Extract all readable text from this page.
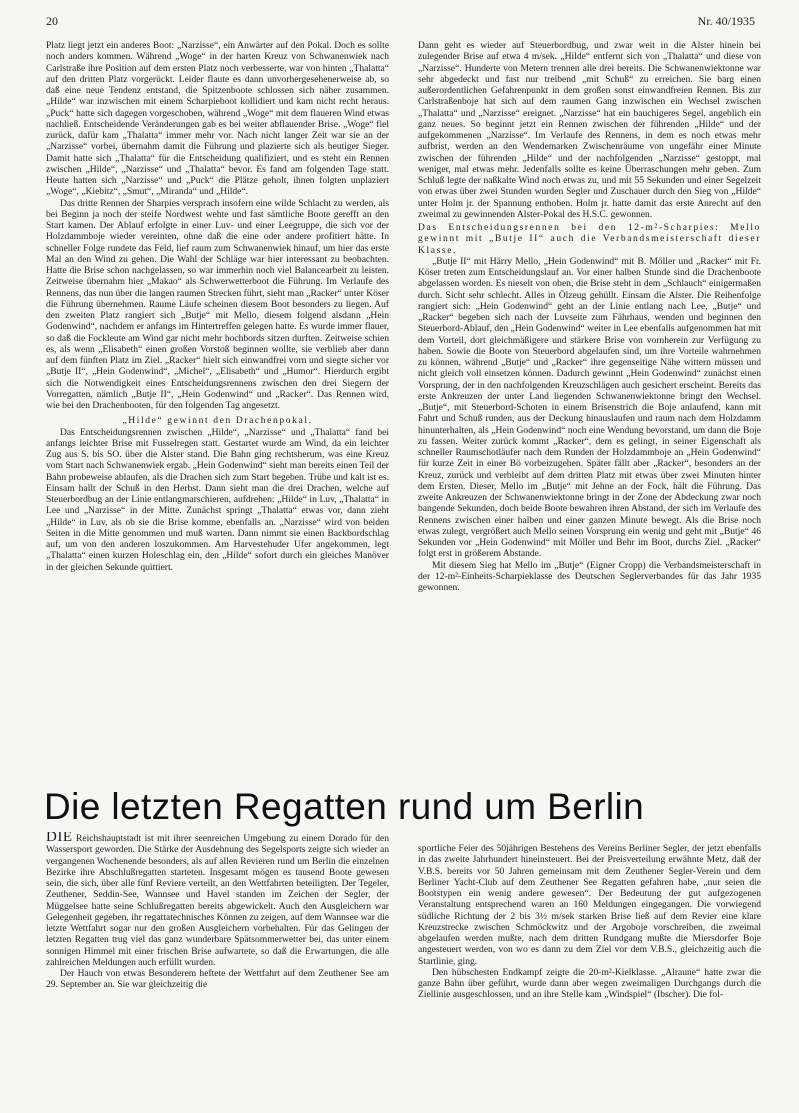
20	Nr. 40/1935

Platz liegt jetzt ein anderes Boot: „Narzisse“, ein Anwärter auf den Pokal. Doch es sollte noch anders kommen. Während „Woge“ in der harten Kreuz von Schwanenwiek nach Carlstraße ihre Position auf dem ersten Platz noch verbesserte, war von hinten „Thalatta“ auf den dritten Platz vorgerückt. Leider flaute es dann unvorhergesehenerweise ab, so daß eine neue Tendenz entstand, die Spitzenboote schlossen sich näher zusammen. „Hilde“ war inzwischen mit einem Scharpieboot kollidiert und kam nicht recht heraus. „Puck“ hatte sich dagegen vorgeschoben, während „Woge“ mit dem flaueren Wind etwas nachließ. Entscheidende Veränderungen gab es bei weiter abflauender Brise. „Woge“ fiel zurück, dafür kam „Thalatta“ immer mehr vor. Nach nicht langer Zeit war sie an der „Narzisse“ vorbei, übernahm damit die Führung und plazierte sich als heutiger Sieger. Damit hatte sich „Thalatta“ für die Entscheidung qualifiziert, und es steht ein Rennen zwischen „Hilde“, „Narzisse“ und „Thalatta“ bevor. Es fand am folgenden Tage statt. Heute hatten sich „Narzisse“ und „Puck“ die Plätze geholt, ihnen folgten unplaziert „Woge“, „Kiebitz“, „Smut“, „Miranda“ und „Hilde“.

Das dritte Rennen der Sharpies versprach insofern eine wilde Schlacht zu werden, als bei Beginn ja noch der steife Nordwest wehte und fast sämtliche Boote gerefft an den Start kamen. Der Ablauf erfolgte in einer Luv- und einer Leegruppe, die sich vor der Holzdammboje wieder vereinten, ohne daß die eine oder andere profitiert hätte. In schneller Folge rundete das Feld, lief raum zum Schwanenwiek hinauf, um hier das erste Mal an den Wind zu gehen. Die Wahl der Schläge war hier interessant zu beobachten. Hatte die Brise schon nachgelassen, so war immerhin noch viel Balancearbeit zu leisten. Zeitweise übernahm hier „Makao“ als Schwerwetterboot die Führung. Im Verlaufe des Rennens, das nun über die langen raumen Strecken führt, sieht man „Racker“ unter Köser die Führung übernehmen. Raume Läufe scheinen diesem Boot besonders zu liegen. Auf den zweiten Platz rangiert sich „Butje“ mit Mello, diesem folgend alsdann „Hein Godenwind“, nachdem er anfangs im Hintertreffen gelegen hatte. Es wurde immer flauer, so daß die Fockleute am Wind gar nicht mehr hochbords sitzen durften. Zeitweise schien es, als wenn „Elisabeth“ einen großen Vorstoß beginnen wollte, sie verblieb aber dann auf dem fünften Platz im Ziel. „Racker“ hielt sich einwandfrei vorn und siegte sicher vor „Butje II“, „Hein Godenwind“, „Michel“, „Elisabeth“ und „Humor“. Hierdurch ergibt sich die Notwendigkeit eines Entscheidungsrennens zwischen den drei Siegern der Vorregatten, nämlich „Butje II“, „Hein Godenwind“ und „Racker“. Das Rennen wird, wie bei den Drachenbooten, für den folgenden Tag angesetzt.

„Hilde“ gewinnt den Drachenpokal.

Das Entscheidungsrennen zwischen „Hilde“, „Narzisse“ und „Thalatta“ fand bei anfangs leichter Brise mit Fusselregen statt. Gestartet wurde am Wind, da ein leichter Zug aus S. bis SO. über die Alster stand. Die Bahn ging rechtsherum, was eine Kreuz vom Start nach Schwanenwiek ergab. „Hein Godenwind“ sieht man bereits einen Teil der Bahn probeweise ablaufen, als die Drachen sich zum Start begeben. Trübe und kalt ist es. Einsam hallt der Schuß in den Herbst. Dann sieht man die drei Drachen, welche auf Steuerbordbug an der Linie entlangmarschieren, aufdrehen: „Hilde“ in Luv, „Thalatta“ in Lee und „Narzisse“ in der Mitte. Zunächst springt „Thalatta“ etwas vor, dann zieht „Hilde“ in Luv, als ob sie die Brise komme, ebenfalls an. „Narzisse“ wird von beiden Seiten in die Mitte genommen und muß warten. Dann nimmt sie einen Backbordschlag auf, um von den anderen loszukommen. Am Harvestehuder Ufer angekommen, legt „Thalatta“ einen kurzen Holeschlag ein, den „Hilde“ sofort durch ein gleiches Manöver in der gleichen Sekunde quittiert.

Dann geht es wieder auf Steuerbordbug, und zwar weit in die Alster hinein bei zulegender Brise auf etwa 4 m/sek. „Hilde“ entfernt sich von „Thalatta“ und diese von „Narzisse“. Hunderte von Metern trennen alle drei bereits. Die Schwanenwiektonne war sehr abgedeckt und fast nur treibend „mit Schuß“ zu erreichen. Sie barg einen außerordentlichen Gefahrenpunkt in dem großen sonst einwandfreien Rennen. Bis zur Carlstraßenboje hat sich auf dem raumen Gang inzwischen ein Wechsel zwischen „Thalatta“ und „Narzisse“ ereignet. „Narzisse“ hat ein bauchigeres Segel, angeblich ein ganz neues. So beginnt jetzt ein Rennen zwischen der führenden „Hilde“ und der aufgekommenen „Narzisse“. Im Verlaufe des Rennens, in dem es noch etwas mehr aufbrist, werden an den Wendemarken Zwischenräume von ungefähr einer Minute zwischen der führenden „Hilde“ und der nachfolgenden „Narzisse“ gestoppt, mal weniger, mal etwas mehr. Jedenfalls sollte es keine Überraschungen mehr geben. Zum Schluß legte der naßkalte Wind noch etwas zu, und mit 55 Sekunden und einer Segelzeit von etwas über zwei Stunden wurden Segler und Zuschauer durch den Sieg von „Hilde“ unter Holm jr. der Spannung enthoben. Holm jr. hatte damit das erste Anrecht auf den zweimal zu gewinnenden Alster-Pokal des H.S.C. gewonnen.

Das Entscheidungsrennen bei den 12-m²-Scharpies: Mello gewinnt mit „Butje II“ auch die Verbandsmeisterschaft dieser Klasse.

„Butje II“ mit Härry Mello, „Hein Godenwind“ mit B. Möller und „Racker“ mit Fr. Köser treten zum Entscheidungslauf an. Vor einer halben Stunde sind die Drachenboote abgelassen worden. Es nieselt von oben, die Brise steht in dem „Schlauch“ einigermaßen durch. Sicht sehr schlecht. Alles in Ölzeug gehüllt. Einsam die Alster. Die Reihenfolge rangiert sich: „Hein Godenwind“ geht an der Linie entlang nach Lee, „Butje“ und „Racker“ begeben sich nach der Luvseite zum Fährhaus, wenden und beginnen den Steuerbord-Ablauf, den „Hein Godenwind“ weiter in Lee ebenfalls aufgenommen hat mit dem Vorteil, dort gleichmäßigere und stärkere Brise von vornherein zur Verfügung zu haben. Sowie die Boote von Steuerbord abgelaufen sind, um ihre Vorteile wahrnehmen zu können, während „Butje“ und „Racker“ ihre gegenseitige Nähe wittern müssen und nicht gleich voll einsetzen können. Dadurch gewinnt „Hein Godenwind“ zunächst einen Vorsprung, der in den nachfolgenden Kreuzschlägen auch gesichert erscheint. Bereits das erste Ankreuzen der unter Land liegenden Schwanenwiektonne bringt den Wechsel. „Butje“, mit Steuerbord-Schoten in einem Brisenstrich die Boje anlaufend, kann mit Fahrt und Schuß runden, aus der Deckung hinauslaufen und raum nach dem Holzdamm hinunterhalten, als „Hein Godenwind“ noch eine Wendung bevorstand, um dann die Boje zu fassen. Weiter zurück kommt „Racker“, dem es gelingt, in seiner Eigenschaft als schneller Raumschotläufer nach dem Runden der Holzdammboje an „Hein Godenwind“ für kurze Zeit in einer Bö vorbeizugehen. Später fällt aber „Racker“, besonders an der Kreuz, zurück und verbleibt auf dem dritten Platz mit etwas über zwei Minuten hinter dem Ersten. Dieser, Mello im „Butje“ mit Jehne an der Fock, hält die Führung. Das zweite Ankreuzen der Schwanenwiektonne bringt in der Zone der Abdeckung zwar noch bangende Sekunden, doch beide Boote bewahren ihren Abstand, der sich im Verlaufe des Rennens zwischen einer halben und einer ganzen Minute bewegt. Als die Brise noch etwas zulegt, vergrößert auch Mello seinen Vorsprung ein wenig und geht mit „Butje“ 46 Sekunden vor „Hein Godenwind“ mit Möller und Behr im Boot, durchs Ziel. „Racker“ folgt erst in größerem Abstande.

Mit diesem Sieg hat Mello im „Butje“ (Eigner Cropp) die Verbandsmeisterschaft in der 12-m²-Einheits-Scharpieklasse des Deutschen Seglerverbandes für das Jahr 1935 gewonnen.

Die letzten Regatten rund um Berlin

DIE Reichshauptstadt ist mit ihrer seenreichen Umgebung zu einem Dorado für den Wassersport geworden. Die Stärke der Ausdehnung des Segelsports zeigte sich wieder an vergangenen Wochenende besonders, als auf allen Revieren rund um Berlin die einzelnen Bezirke ihre Abschlußregatten starteten. Insgesamt mögen es tausend Boote gewesen sein, die sich, über alle fünf Reviere verteilt, an den Wettfahrten beteiligten. Der Tegeler, Zeuthener, Seddin-See, Wannsee und Havel standen im Zeichen der Segler, der Müggelsee hatte seine Schlußregatten bereits abgewickelt. Auch den Ausgleichern war Gelegenheit gegeben, ihr regattatechnisches Können zu zeigen, auf dem Wannsee war die letzte Wettfahrt sogar nur den großen Ausgleichern vorbehalten. Für das Gelingen der letzten Regatten trug viel das ganz wunderbare Spätsommerwetter bei, das unter einem sonnigen Himmel mit einer frischen Brise aufwartete, so daß die Erwartungen, die alle zahlreichen Meldungen auch erfüllt wurden.

Der Hauch von etwas Besonderem heftete der Wettfahrt auf dem Zeuthener See am 29. September an. Sie war gleichzeitig die

sportliche Feier des 50jährigen Bestehens des Vereins Berliner Segler, der jetzt ebenfalls in das zweite Jahrhundert hineinsteuert. Bei der Preisverteilung erwähnte Metz, daß der V.B.S. bereits vor 50 Jahren gemeinsam mit dem Zeuthener Segler-Verein und dem Berliner Yacht-Club auf dem Zeuthener See Regatten gefahren habe, „nur seien die Bootstypen ein wenig andere gewesen“. Der Bedeutung der gut aufgezogenen Veranstaltung entsprechend waren an 160 Meldungen eingegangen. Die vorwiegend südliche Richtung der 2 bis 3½ m/sek starken Brise ließ auf dem Revier eine klare Kreuzstrecke zwischen Schmöckwitz und der Argoboje vorschreiben, die zweimal abgelaufen werden mußte, nach dem dritten Rundgang mußte die Miersdorfer Boje angesteuert werden, von wo es dann zu dem Ziel vor dem V.B.S., gleichzeitig auch die Startlinie, ging.

Den hübschesten Endkampf zeigte die 20-m²-Kielklasse. „Alraune“ hatte zwar die ganze Bahn über geführt, wurde dann aber wegen zweimaligen Durchgangs durch die Ziellinie ausgeschlossen, und an ihre Stelle kam „Windspiel“ (Ibscher). Die fol-
